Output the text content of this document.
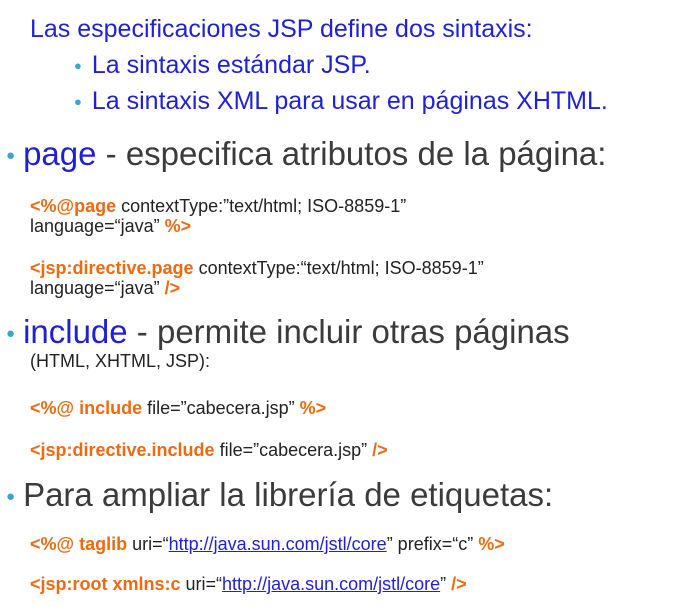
Las especificaciones JSP define dos sintaxis:
● La sintaxis estándar JSP.
● La sintaxis XML para usar en páginas XHTML.
● page - especifica atributos de la página:
<%@page contextType:”text/html; ISO-8859-1”
language=“java” %>
<jsp:directive.page contextType:“text/html; ISO-8859-1”
language=“java” />
● include - permite incluir otras páginas
(HTML, XHTML, JSP):
<%@ include file=”cabecera.jsp” %>
<jsp:directive.include file=”cabecera.jsp” />
● Para ampliar la librería de etiquetas:
<%@ taglib uri=“http://java.sun.com/jstl/core” prefix=“c” %>
<jsp:root xmlns:c uri=“http://java.sun.com/jstl/core” />
